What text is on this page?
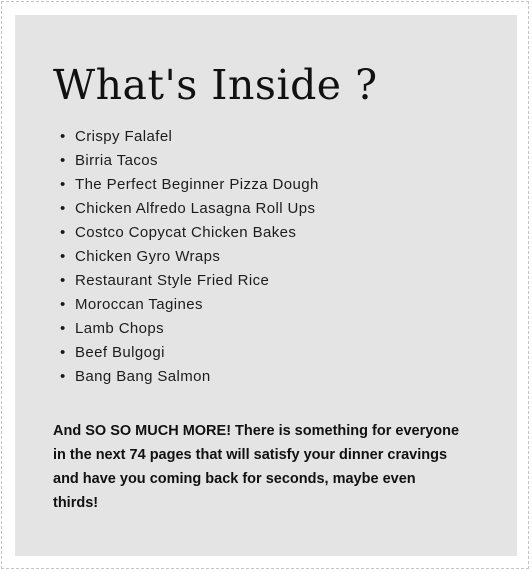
What's Inside ?
• Crispy Falafel
• Birria Tacos
• The Perfect Beginner Pizza Dough
• Chicken Alfredo Lasagna Roll Ups
• Costco Copycat Chicken Bakes
• Chicken Gyro Wraps
• Restaurant Style Fried Rice
• Moroccan Tagines
• Lamb Chops
• Beef Bulgogi
• Bang Bang Salmon

And SO SO MUCH MORE! There is something for everyone in the next 74 pages that will satisfy your dinner cravings and have you coming back for seconds, maybe even thirds!
